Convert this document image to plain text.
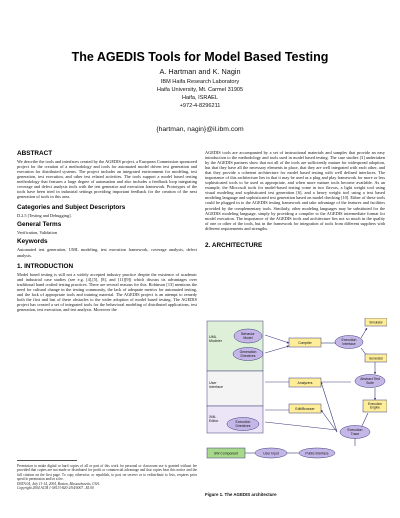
The AGEDIS Tools for Model Based Testing
A. Hartman and K. Nagin
IBM Haifa Research Laboratory
Haifa University, Mt. Carmel 31905
Haifa, ISRAEL
+972-4-8296211
{hartman, nagin}@il.ibm.com
ABSTRACT
We describe the tools and interfaces created by the AGEDIS project, a European Commission sponsored project for the creation of a methodology and tools for automated model driven test generation and execution for distributed systems. The project includes an integrated environment for modeling, test generation, test execution, and other test related activities. The tools support a model based testing methodology that features a large degree of automation and also includes a feedback loop integrating coverage and defect analysis tools with the test generator and execution framework. Prototypes of the tools have been tried in industrial settings providing important feedback for the creation of the next generation of tools in this area.
Categories and Subject Descriptors
D.2.5 [Testing and Debugging].
General Terms
Verification, Validation
Keywords
Automated test generation, UML modeling, test execution framework, coverage analysis, defect analysis.
1. INTRODUCTION
Model based testing is still not a widely accepted industry practice despite the existence of academic and industrial case studies (see e.g. [4],[5], [8], and [11][9]) which discuss its advantages over traditional hand crafted testing practices. There are several reasons for this. Robinson [13] mentions the need for cultural change in the testing community, the lack of adequate metrics for automated testing, and the lack of appropriate tools and training material. The AGEDIS project is an attempt to remedy both the first and last of these obstacles to the wider adoption of model based testing. The AGEDIS project has created a set of integrated tools for the behavioral modeling of distributed applications, test generation, test execution, and test analysis. Moreover the
Permission to make digital or hard copies of all or part of this work for personal or classroom use is granted without fee provided that copies are not made or distributed for profit or commercial advantage and that copies bear this notice and the full citation on the first page. To copy otherwise, or republish, to post on servers or to redistribute to lists, requires prior specific permission and/or a fee.
ISSTA 04, July 11-14, 2004, Boston, Massachusetts, USA.
Copyright 2004 ACM 1-58113-820-2/04/0007...$5.00
AGEDIS tools are accompanied by a set of instructional materials and samples that provide an easy introduction to the methodology and tools used in model based testing. The case studies [3] undertaken by the AGEDIS partners show that not all of the tools are sufficiently mature for widespread adoption, but that they have all the necessary elements in place, that they are well integrated with each other, and that they provide a coherent architecture for model based testing with well defined interfaces. The importance of this architecture lies in that it may be used as a plug and play framework for more or less sophisticated tools to be used as appropriate, and when more mature tools become available. As an example, the Microsoft tools for model-based testing come in two flavors, a light weight tool using visual modeling and sophisticated test generation [6], and a heavy weight tool using a text based modeling language and sophisticated test generation based on model checking [10]. Either of these tools could be plugged in to the AGEDIS testing framework and take advantage of the features and facilities provided by the complementary tools. Similarly, other modeling languages may be substituted for the AGEDIS modeling language, simply by providing a compiler to the AGEDIS intermediate format for model execution. The importance of the AGEDIS tools and architecture lies not so much in the quality of one or other of the tools, but in the framework for integration of tools from different suppliers with different requirements and strengths.
2. ARCHITECTURE
UML Modeler
User Interface
XML Editor
Behavior Model
Generation Directives
Execution Directives
User Input	Public Interface
Execution Trace
Execution Interface
Abstract Test Suite
Compiler
Simulator
Generator
Analyzers
Edit/Browser
Execution Engine
SW Component
Figure 1. The AGEDIS architecture
